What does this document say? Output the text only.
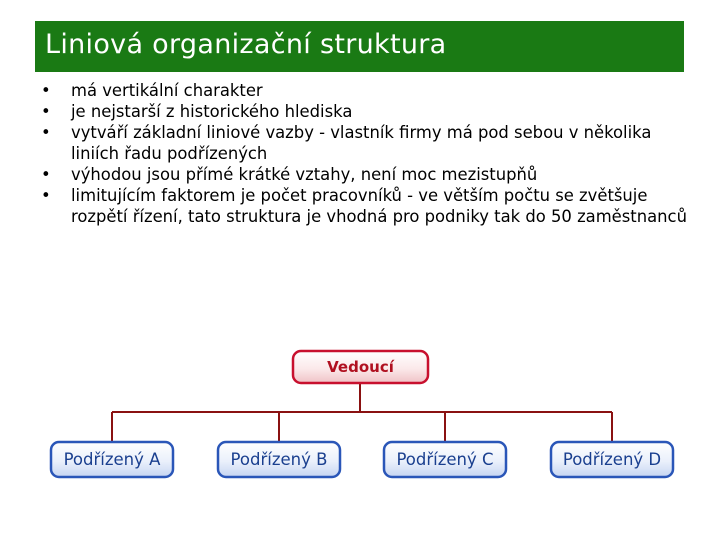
Liniová organizační struktura
• má vertikální charakter
• je nejstarší z historického hlediska
• vytváří základní liniové vazby - vlastník firmy má pod sebou v několika liniích řadu podřízených
• výhodou jsou přímé krátké vztahy, není moc mezistupňů
• limitujícím faktorem je počet pracovníků - ve větším počtu se zvětšuje rozpětí řízení, tato struktura je vhodná pro podniky tak do 50 zaměstnanců
Vedoucí
Podřízený A	Podřízený B	Podřízený C	Podřízený D
